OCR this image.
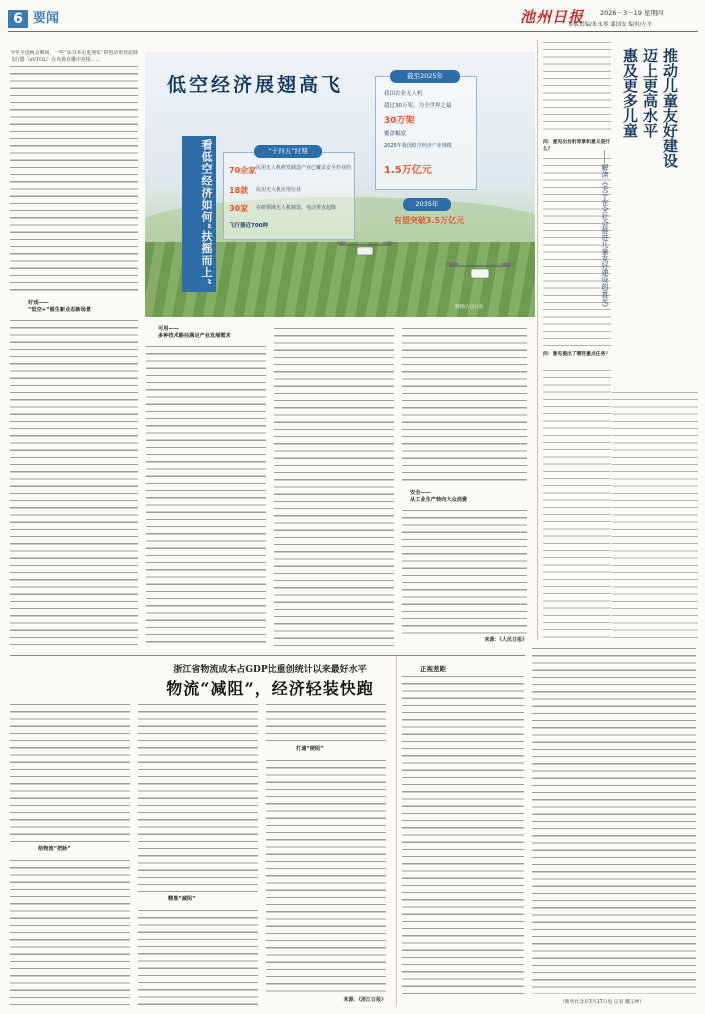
6 要闻	池州日报 2026－3－19 星期四
本版责编/朱永琴 漆国安 编审/左平
低空经济展翅高飞
看低空经济如何“扶摇而上”	“十四五”时期
70余家 民用无人机研发制造产业已覆盖安全作业的
18款 民用无人机应用行业
30家 在研领域无人机制造、电动垂直起降
飞行器近700种
截至2025年
我国农业无人机
超过30万架，为全世界之最
30万架
覆盖幅度
2025年我国低空经济产业规模
1.5万亿元
2035年
有望突破3.5万亿元
制图/人民日报
今年全国两会期间，一些“从书本走进现实”的电动垂直起降飞行器（eVTOL）在央视直播中亮相……
好戏——
“低空+”催生新业态新场景
可用——
多种技术路径满足产业发展需求
安全——
从工业生产转向大众消费
来源：《人民日报》
问：意见出台的背景和意义是什么？
问：意见提出了哪些重点任务？
推动儿童友好建设
迈上更高水平
惠及更多儿童
——解读《关于在全社会推进儿童友好建设的意见》
浙江省物流成本占GDP比重创统计以来最好水平
物流“减阻”，经济轻装快跑
给物流“把脉”
精准“减阻”
打通“梗阻”
来源：《浙江日报》
正视差距
（新华社北京3月17日电 记者 魏玉坤）
